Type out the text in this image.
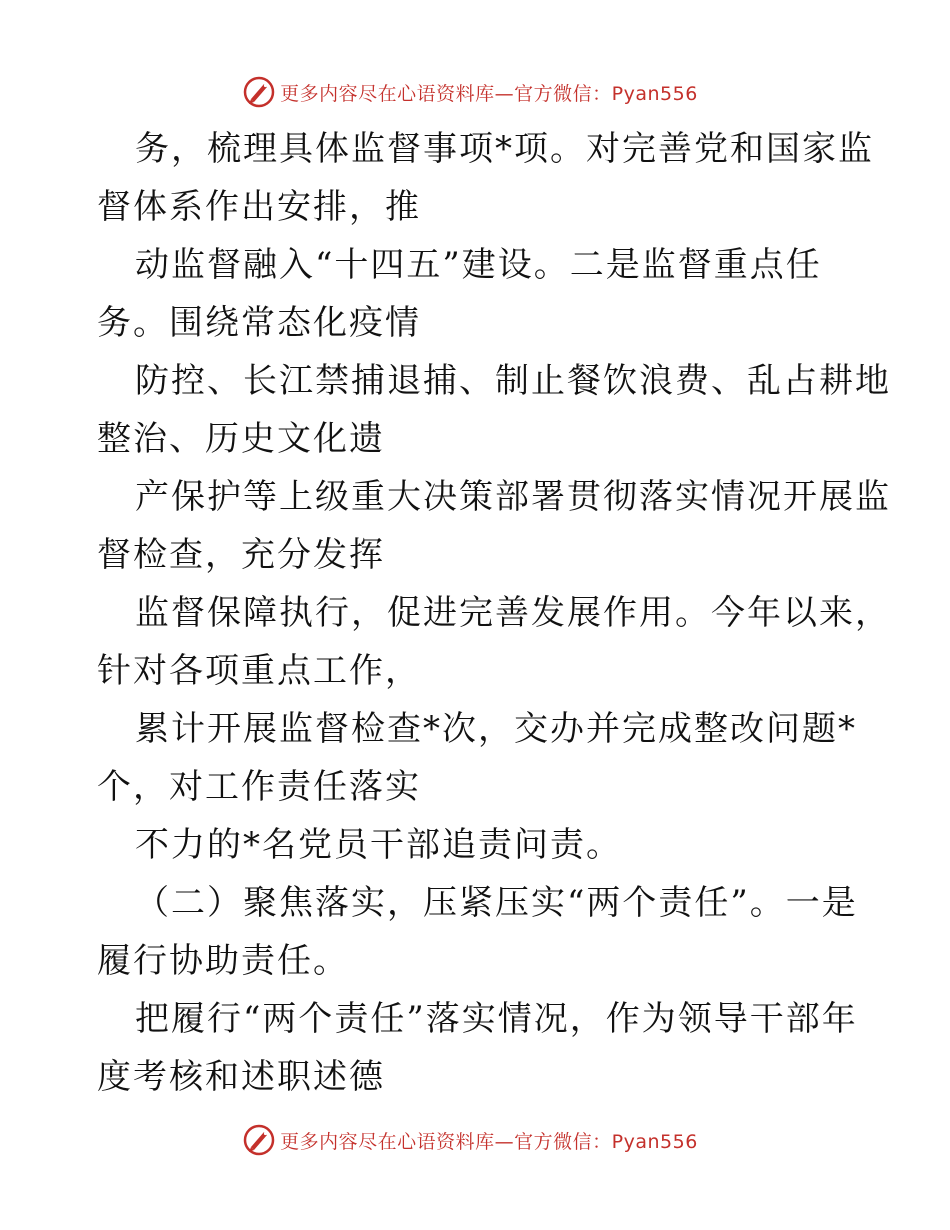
更多内容尽在心语资料库—官方微信：Pyan556
务，梳理具体监督事项*项。对完善党和国家监
督体系作出安排，推
动监督融入“十四五”建设。二是监督重点任
务。围绕常态化疫情
防控、长江禁捕退捕、制止餐饮浪费、乱占耕地
整治、历史文化遗
产保护等上级重大决策部署贯彻落实情况开展监
督检查，充分发挥
监督保障执行，促进完善发展作用。今年以来，
针对各项重点工作，
累计开展监督检查*次，交办并完成整改问题*
个，对工作责任落实
不力的*名党员干部追责问责。
（二）聚焦落实，压紧压实“两个责任”。一是
履行协助责任。
把履行“两个责任”落实情况，作为领导干部年
度考核和述职述德
更多内容尽在心语资料库—官方微信：Pyan556
